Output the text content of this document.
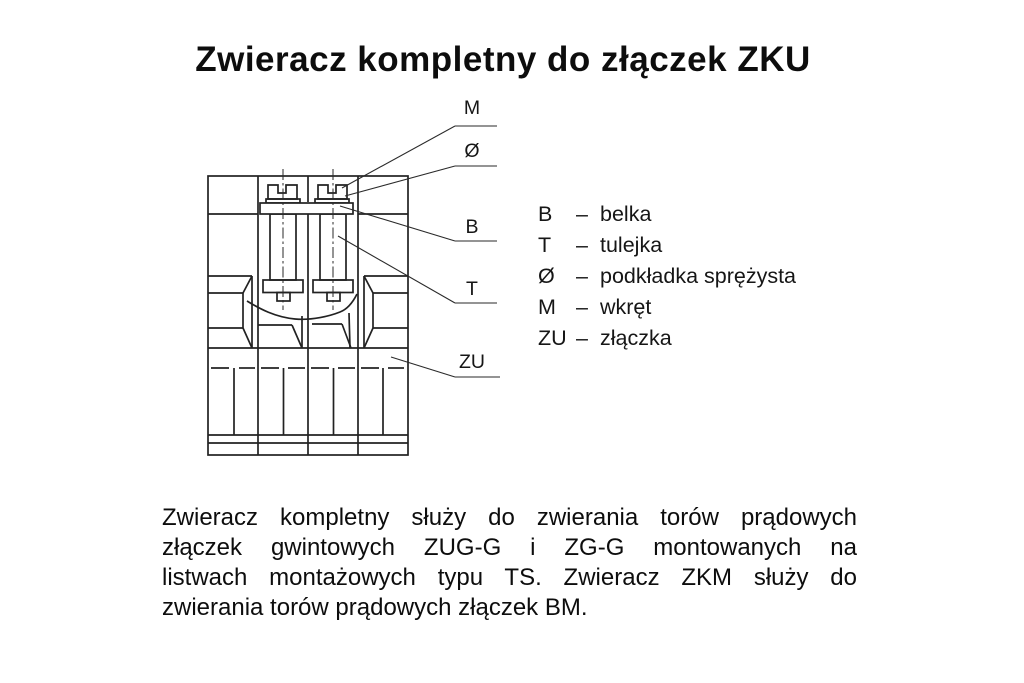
Zwieracz kompletny do złączek ZKU
M
Ø
B
T
ZU
B – belka
T – tulejka
Ø – podkładka sprężysta
M – wkręt
ZU – złączka
Zwieracz kompletny służy do zwierania torów prądowych
złączek gwintowych ZUG-G i ZG-G montowanych na
listwach montażowych typu TS. Zwieracz ZKM służy do
zwierania torów prądowych złączek BM.
